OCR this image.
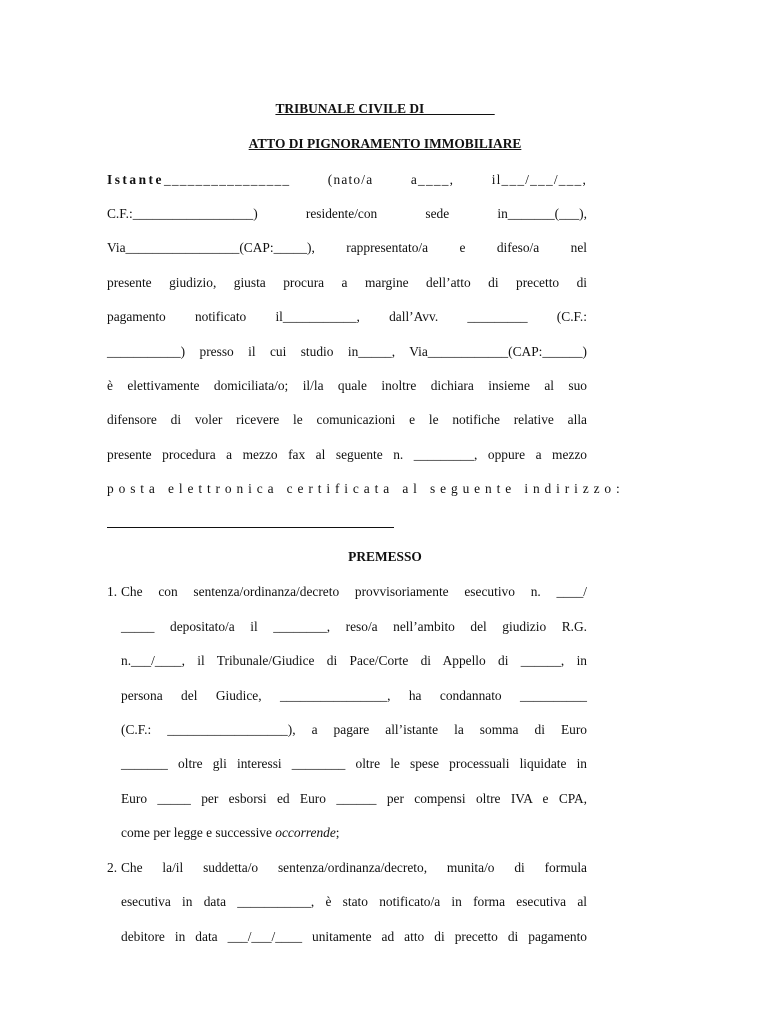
TRIBUNALE CIVILE DI __________
ATTO DI PIGNORAMENTO IMMOBILIARE
Istante________________ (nato/a a____, il___/___/___,
C.F.:__________________) residente/con sede in_______(___),
Via_________________(CAP:_____), rappresentato/a e difeso/a nel
presente giudizio, giusta procura a margine dell’atto di precetto di
pagamento notificato il___________, dall’Avv. _________ (C.F.:
___________) presso il cui studio in_____, Via____________(CAP:______)
è elettivamente domiciliata/o; il/la quale inoltre dichiara insieme al suo
difensore di voler ricevere le comunicazioni e le notifiche relative alla
presente procedura a mezzo fax al seguente n. _________, oppure a mezzo
posta elettronica certificata al seguente indirizzo:
PREMESSO
1. Che con sentenza/ordinanza/decreto provvisoriamente esecutivo n. ____/
_____ depositato/a il ________, reso/a nell’ambito del giudizio R.G.
n.___/____, il Tribunale/Giudice di Pace/Corte di Appello di ______, in
persona del Giudice, ________________, ha condannato __________
(C.F.: __________________), a pagare all’istante la somma di Euro
_______ oltre gli interessi ________ oltre le spese processuali liquidate in
Euro _____ per esborsi ed Euro ______ per compensi oltre IVA e CPA,
come per legge e successive occorrende;
2. Che la/il suddetta/o sentenza/ordinanza/decreto, munita/o di formula
esecutiva in data ___________, è stato notificato/a in forma esecutiva al
debitore in data ___/___/____ unitamente ad atto di precetto di pagamento
